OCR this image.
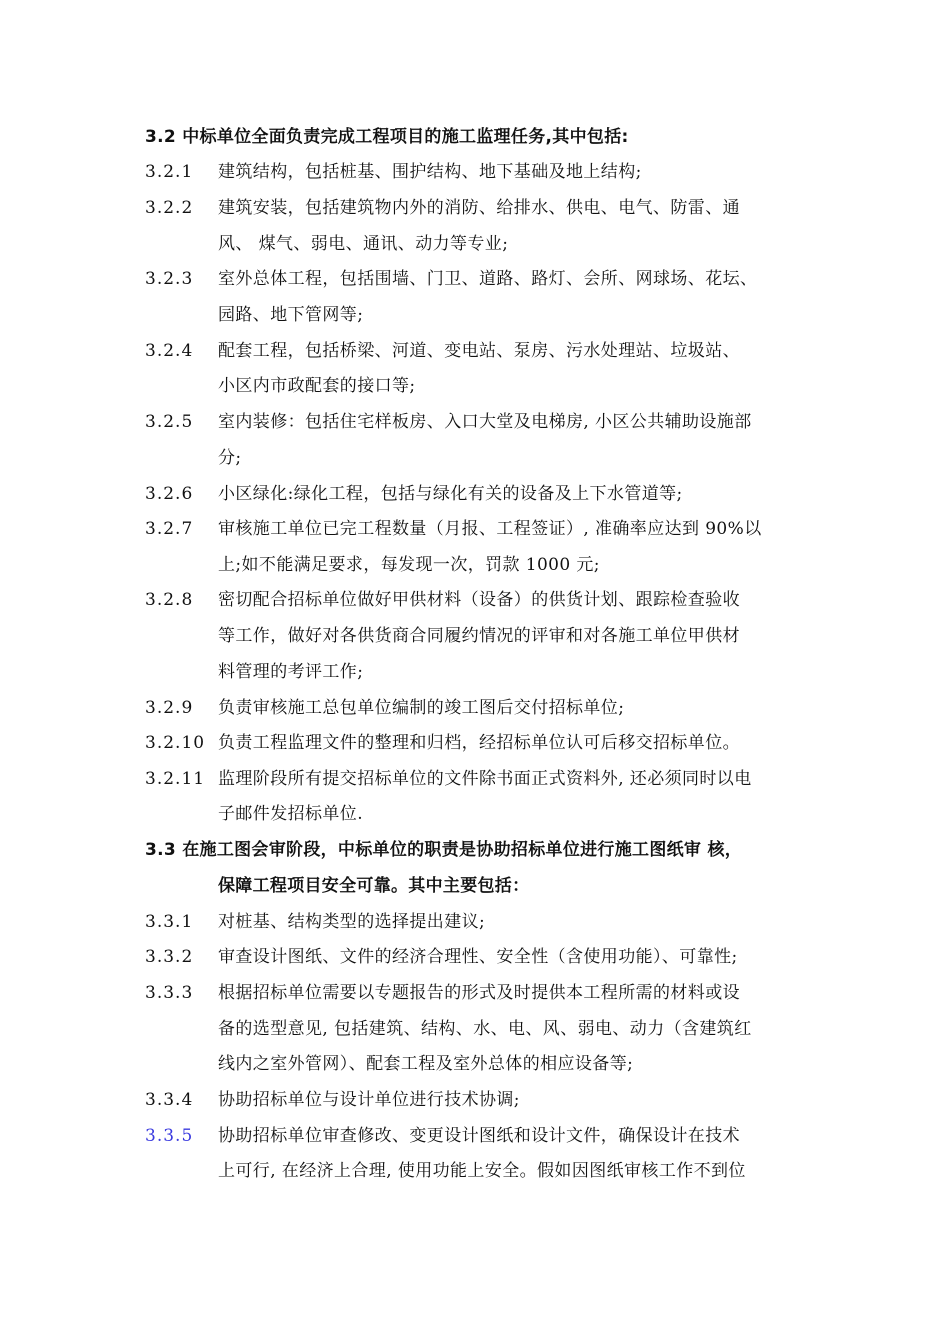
3.2 中标单位全面负责完成工程项目的施工监理任务,其中包括:
3.2.1	建筑结构，包括桩基、围护结构、地下基础及地上结构;
3.2.2	建筑安装，包括建筑物内外的消防、给排水、供电、电气、防雷、通
风、 煤气、弱电、通讯、动力等专业;
3.2.3	室外总体工程，包括围墙、门卫、道路、路灯、会所、网球场、花坛、
园路、地下管网等;
3.2.4	配套工程，包括桥梁、河道、变电站、泵房、污水处理站、垃圾站、
小区内市政配套的接口等;
3.2.5	室内装修：包括住宅样板房、入口大堂及电梯房, 小区公共辅助设施部
分;
3.2.6	小区绿化:绿化工程，包括与绿化有关的设备及上下水管道等;
3.2.7	审核施工单位已完工程数量（月报、工程签证）, 准确率应达到 90%以
上;如不能满足要求，每发现一次，罚款 1000 元;
3.2.8	密切配合招标单位做好甲供材料（设备）的供货计划、跟踪检查验收
等工作，做好对各供货商合同履约情况的评审和对各施工单位甲供材
料管理的考评工作;
3.2.9	负责审核施工总包单位编制的竣工图后交付招标单位;
3.2.10 负责工程监理文件的整理和归档，经招标单位认可后移交招标单位。
3.2.11 监理阶段所有提交招标单位的文件除书面正式资料外, 还必须同时以电
子邮件发招标单位.
3.3 在施工图会审阶段，中标单位的职责是协助招标单位进行施工图纸审 核，
保障工程项目安全可靠。其中主要包括：
3.3.1	对桩基、结构类型的选择提出建议;
3.3.2	审查设计图纸、文件的经济合理性、安全性（含使用功能）、可靠性;
3.3.3	根据招标单位需要以专题报告的形式及时提供本工程所需的材料或设
备的选型意见, 包括建筑、结构、水、电、风、弱电、动力（含建筑红
线内之室外管网）、配套工程及室外总体的相应设备等;
3.3.4	协助招标单位与设计单位进行技术协调;
3.3.5	协助招标单位审查修改、变更设计图纸和设计文件，确保设计在技术
上可行, 在经济上合理, 使用功能上安全。假如因图纸审核工作不到位
